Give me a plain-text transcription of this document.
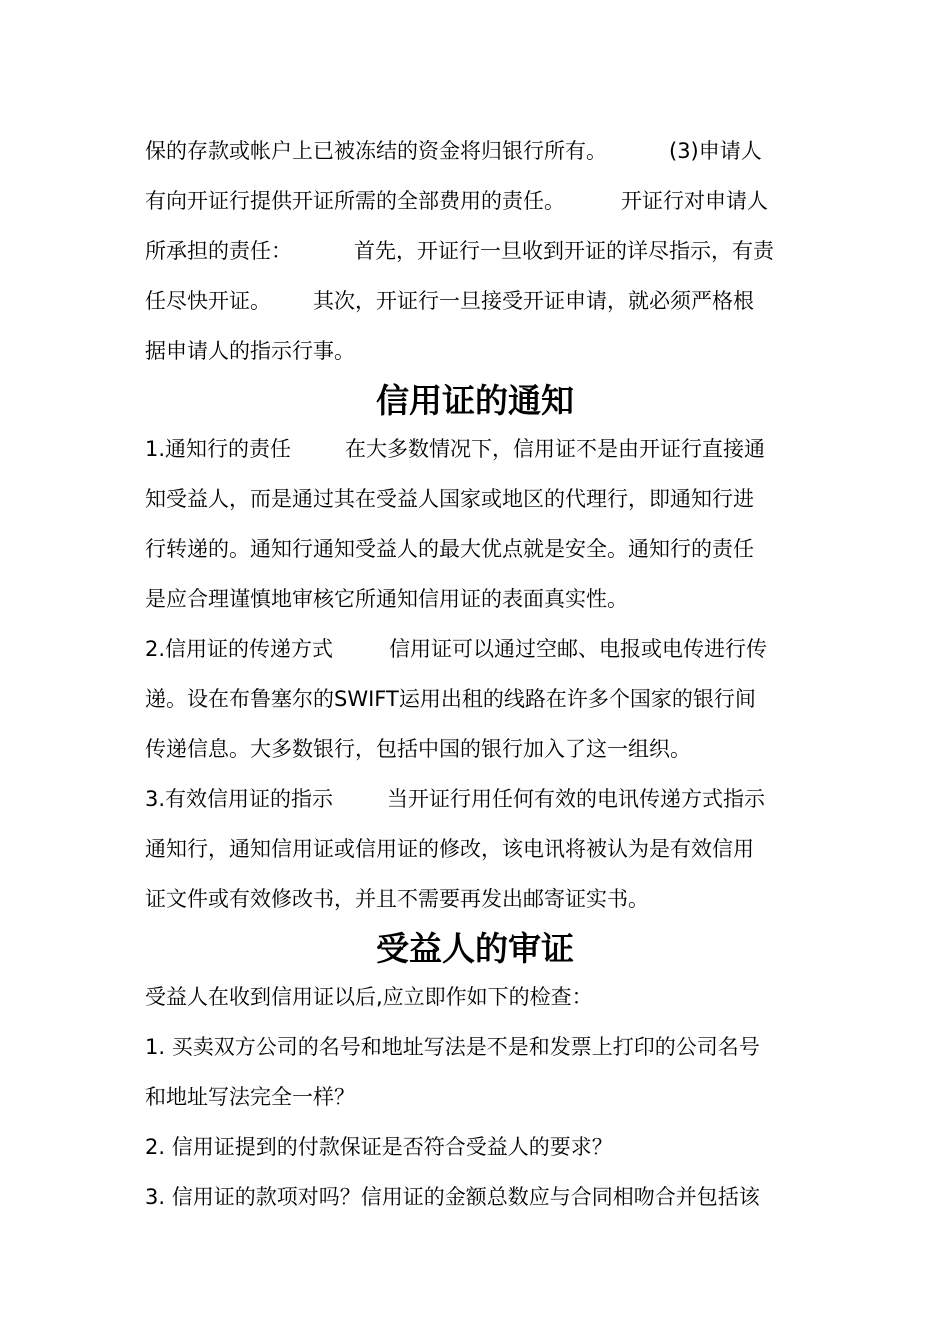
保的存款或帐户上已被冻结的资金将归银行所有。	(3)申请人
有向开证行提供开证所需的全部费用的责任。	开证行对申请人
所承担的责任：	首先，开证行一旦收到开证的详尽指示，有责
任尽快开证。 其次，开证行一旦接受开证申请，就必须严格根
据申请人的指示行事。
信用证的通知
1.通知行的责任	在大多数情况下，信用证不是由开证行直接通
知受益人，而是通过其在受益人国家或地区的代理行，即通知行进
行转递的。通知行通知受益人的最大优点就是安全。通知行的责任
是应合理谨慎地审核它所通知信用证的表面真实性。
2.信用证的传递方式	信用证可以通过空邮、电报或电传进行传
递。设在布鲁塞尔的SWIFT运用出租的线路在许多个国家的银行间
传递信息。大多数银行，包括中国的银行加入了这一组织。
3.有效信用证的指示	当开证行用任何有效的电讯传递方式指示
通知行，通知信用证或信用证的修改，该电讯将被认为是有效信用
证文件或有效修改书，并且不需要再发出邮寄证实书。
受益人的审证
受益人在收到信用证以后,应立即作如下的检查：
1. 买卖双方公司的名号和地址写法是不是和发票上打印的公司名号
和地址写法完全一样？
2. 信用证提到的付款保证是否符合受益人的要求？
3. 信用证的款项对吗？信用证的金额总数应与合同相吻合并包括该
